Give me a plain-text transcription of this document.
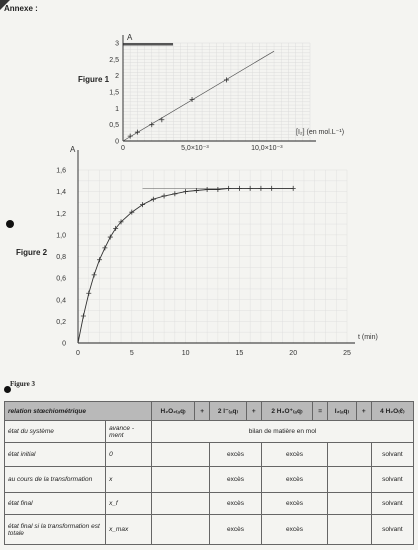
Annexe :
Figure 1
0
0,5
1
1,5
2
2,5
3
0	5,0×10⁻³	10,0×10⁻³
A
[I₂] (en mol.L⁻¹)
Figure 2
0
0,2
0,4
0,6
0,8
1,0
1,2
1,4
1,6
0	5	10	15	20	25
A
t (min)
Figure 3
relation stœchiométrique		H₂O₂₍ₐq₎	+	2 I⁻₍ₐq₎	+	2 H₃O⁺₍ₐq₎	=	I₂₍ₐq₎	+	4 H₂O₍ℓ₎
état du système	avance -ment	bilan de matière en mol								
état initial	0			excès		excès				solvant
au cours de la transformation	x			excès		excès				solvant
état final	x_f			excès		excès				solvant
état final si la transformation est totale	x_max			excès		excès				solvant
